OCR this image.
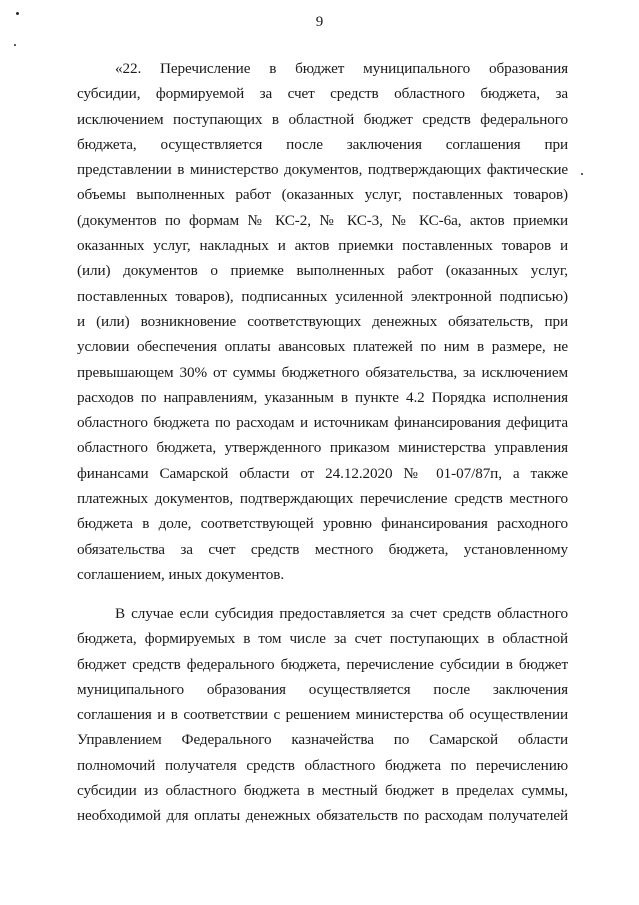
9
«22. Перечисление в бюджет муниципального образования
субсидии, формируемой за счет средств областного бюджета, за
исключением поступающих в областной бюджет средств федерального
бюджета, осуществляется после заключения соглашения при
представлении в министерство документов, подтверждающих фактические
объемы выполненных работ (оказанных услуг, поставленных товаров)
(документов по формам № КС-2, № КС-3, № КС-6а, актов приемки
оказанных услуг, накладных и актов приемки поставленных товаров и
(или) документов о приемке выполненных работ (оказанных услуг,
поставленных товаров), подписанных усиленной электронной подписью)
и (или) возникновение соответствующих денежных обязательств, при
условии обеспечения оплаты авансовых платежей по ним в размере, не
превышающем 30% от суммы бюджетного обязательства, за исключением
расходов по направлениям, указанным в пункте 4.2 Порядка исполнения
областного бюджета по расходам и источникам финансирования дефицита
областного бюджета, утвержденного приказом министерства управления
финансами Самарской области от 24.12.2020 № 01-07/87п, а также
платежных документов, подтверждающих перечисление средств местного
бюджета в доле, соответствующей уровню финансирования расходного
обязательства за счет средств местного бюджета, установленному
соглашением, иных документов.
В случае если субсидия предоставляется за счет средств областного
бюджета, формируемых в том числе за счет поступающих в областной
бюджет средств федерального бюджета, перечисление субсидии в бюджет
муниципального образования осуществляется после заключения
соглашения и в соответствии с решением министерства об осуществлении
Управлением Федерального казначейства по Самарской области
полномочий получателя средств областного бюджета по перечислению
субсидии из областного бюджета в местный бюджет в пределах суммы,
необходимой для оплаты денежных обязательств по расходам получателей
